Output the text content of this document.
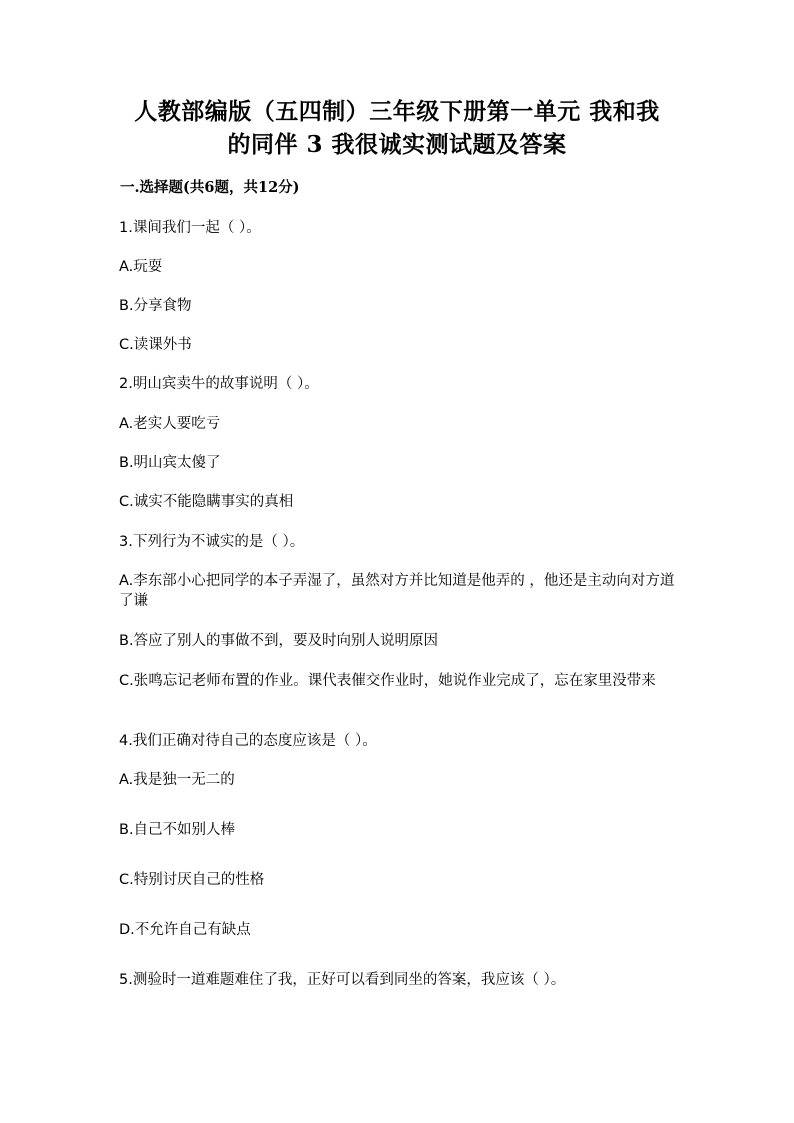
人教部编版（五四制）三年级下册第一单元 我和我
的同伴 3 我很诚实测试题及答案
一.选择题(共6题，共12分)
1.课间我们一起（ ）。
A.玩耍
B.分享食物
C.读课外书
2.明山宾卖牛的故事说明（ ）。
A.老实人要吃亏
B.明山宾太傻了
C.诚实不能隐瞒事实的真相
3.下列行为不诚实的是（ ）。
A.李东部小心把同学的本子弄湿了，虽然对方并比知道是他弄的 ，他还是主动向对方道了谦
B.答应了别人的事做不到，要及时向别人说明原因
C.张鸣忘记老师布置的作业。课代表催交作业时，她说作业完成了，忘在家里没带来
4.我们正确对待自己的态度应该是（ ）。
A.我是独一无二的
B.自己不如别人棒
C.特别讨厌自己的性格
D.不允许自己有缺点
5.测验时一道难题难住了我，正好可以看到同坐的答案，我应该（ ）。
